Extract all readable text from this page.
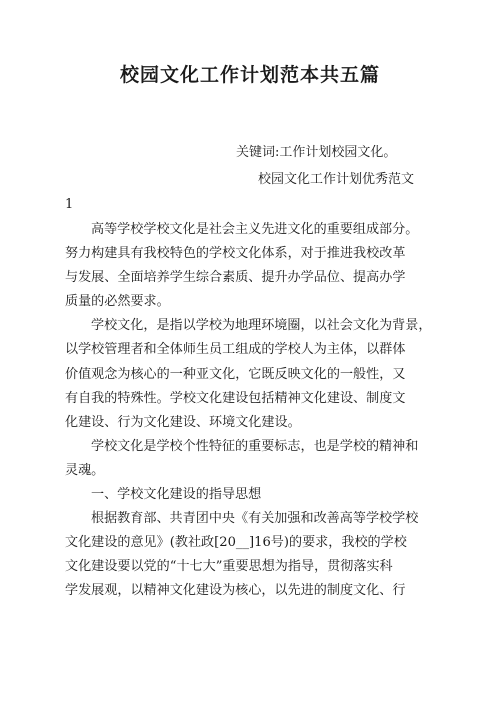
校园文化工作计划范本共五篇
关键词:工作计划校园文化。
校园文化工作计划优秀范文
1
高等学校学校文化是社会主义先进文化的重要组成部分。
努力构建具有我校特色的学校文化体系，对于推进我校改革
与发展、全面培养学生综合素质、提升办学品位、提高办学
质量的必然要求。
学校文化，是指以学校为地理环境圈，以社会文化为背景，
以学校管理者和全体师生员工组成的学校人为主体，以群体
价值观念为核心的一种亚文化，它既反映文化的一般性，又
有自我的特殊性。学校文化建设包括精神文化建设、制度文
化建设、行为文化建设、环境文化建设。
学校文化是学校个性特征的重要标志，也是学校的精神和
灵魂。
一、学校文化建设的指导思想
根据教育部、共青团中央《有关加强和改善高等学校学校
文化建设的意见》(教社政[20__]16号)的要求，我校的学校
文化建设要以党的“十七大”重要思想为指导，贯彻落实科
学发展观，以精神文化建设为核心，以先进的制度文化、行
